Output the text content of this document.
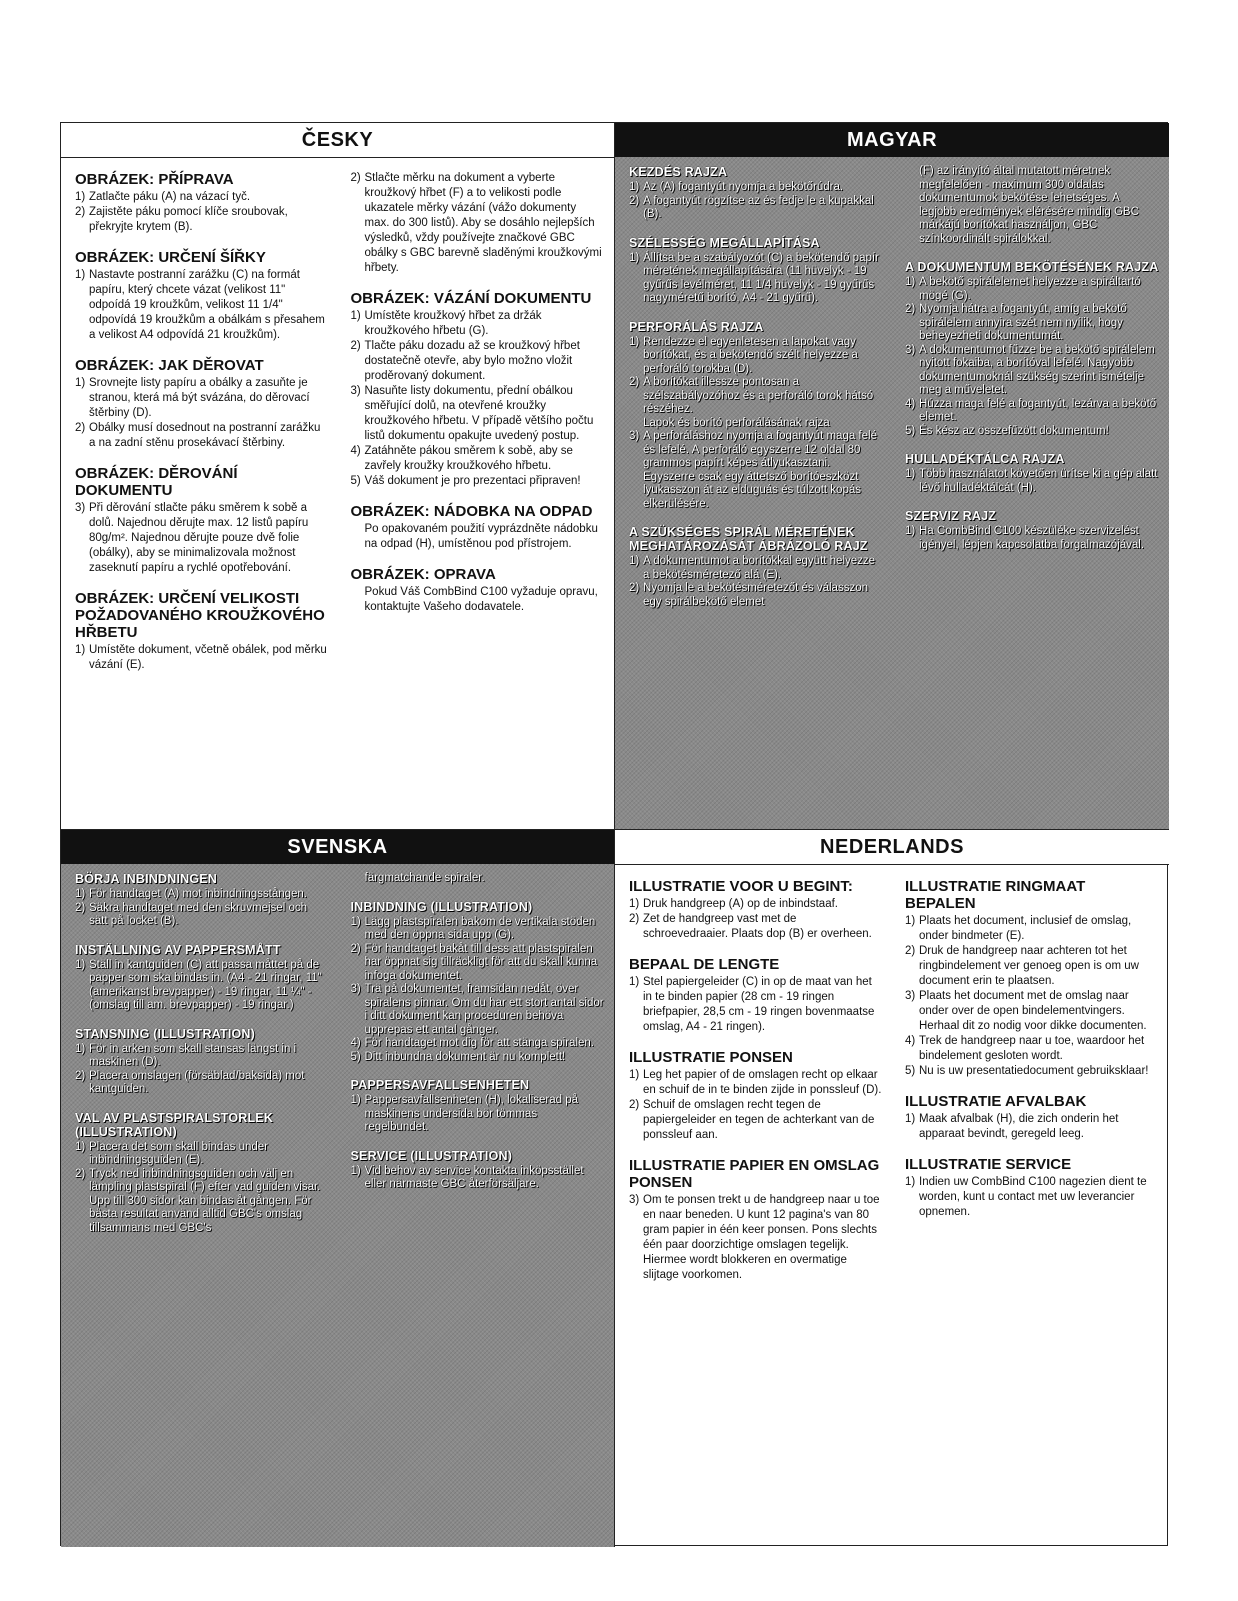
ČESKY
OBRÁZEK: PŘÍPRAVA
1) Zatlačte páku (A) na vázací tyč.
2) Zajistěte páku pomocí klíče sroubovak, překryjte krytem (B).
OBRÁZEK: URČENÍ ŠÍŘKY
1) Nastavte postranní zarážku (C) na formát papíru, který chcete vázat (velikost 11" odpoídá 19 kroužkům, velikost 11 1/4" odpovídá 19 kroužkům a obálkám s přesahem a velikost A4 odpovídá 21 kroužkům).
OBRÁZEK: JAK DĚROVAT
1) Srovnejte listy papíru a obálky a zasuňte je stranou, která má být svázána, do děrovací štěrbiny (D).
2) Obálky musí dosednout na postranní zarážku a na zadní stěnu prosekávací štěrbiny.
OBRÁZEK: DĚROVÁNÍ DOKUMENTU
3) Při děrování stlačte páku směrem k sobě a dolů. Najednou děrujte max. 12 listů papíru 80g/m². Najednou děrujte pouze dvě folie (obálky), aby se minimalizovala možnost zaseknutí papíru a rychlé opotřebování.
OBRÁZEK: URČENÍ VELIKOSTI POŽADOVANÉHO KROUŽKOVÉHO HŘBETU
1) Umístěte dokument, včetně obálek, pod měrku vázání (E).
2) Stlačte měrku na dokument a vyberte kroužkový hřbet (F) a to velikosti podle ukazatele měrky vázání (vážo dokumenty max. do 300 listů). Aby se dosáhlo nejlepších výsledků, vždy používejte značkové GBC obálky s GBC barevně sladěnými kroužkovými hřbety.
OBRÁZEK: VÁZÁNÍ DOKUMENTU
1) Umístěte kroužkový hřbet za držák kroužkového hřbetu (G).
2) Tlačte páku dozadu až se kroužkový hřbet dostatečně otevře, aby bylo možno vložit proděrovaný dokument.
3) Nasuňte listy dokumentu, přední obálkou směřující dolů, na otevřené kroužky kroužkového hřbetu. V případě většího počtu listů dokumentu opakujte uvedený postup.
4) Zatáhněte pákou směrem k sobě, aby se zavřely kroužky kroužkového hřbetu.
5) Váš dokument je pro prezentaci připraven!
OBRÁZEK: NÁDOBKA NA ODPAD

Po opakovaném použití vyprázdněte nádobku na odpad (H), umístěnou pod přístrojem.

OBRÁZEK: OPRAVA

Pokud Váš CombBind C100 vyžaduje opravu, kontaktujte Vašeho dodavatele.

MAGYAR
KEZDÉS RAJZA
1) Az (A) fogantyút nyomja a bekötőrúdra.
2) A fogantyút rögzítse az és fedje le a kupakkal (B).
SZÉLESSÉG MEGÁLLAPÍTÁSA
1) Állítsa be a szabályozót (C) a bekötendő papír méretének megállapítására (11 hüvelyk - 19 gyűrűs levélméret, 11 1/4 hüvelyk - 19 gyűrűs nagyméretű borító, A4 - 21 gyűrű).
PERFORÁLÁS RAJZA
1) Rendezze el egyenletesen a lapokat vagy borítókat, és a bekötendő szélt helyezze a perforáló torokba (D).
2) A borítókat illessze pontosan a szélszabályozóhoz és a perforáló torok hátsó részéhez.
Lapok és borító perforálásának rajza
3) A perforáláshoz nyomja a fogantyút maga felé és lefelé. A perforáló egyszerre 12 oldal 80 grammos papírt képes átlyukasztani. Egyszerre csak egy áttetsző borítóeszközt lyukasszon át az elduguás és túlzott kopás elkerülésére.
A SZÜKSÉGES SPIRÁL MÉRETÉNEK MEGHATÁROZÁSÁT ÁBRÁZOLÓ RAJZ
1) A dokumentumot a borítókkal együtt helyezze a bekötésméretező alá (E).
2) Nyomja le a bekötésméretezőt és válasszon egy spirálbekötő elemet
(F) az irányító által mutatott méretnek megfelelően - maximum 300 oldalas dokumentumok bekötése lehetséges. A legjobb eredmények elérésére mindig GBC márkájú borítókat használjon, GBC színkoordinált spirálokkal.
A DOKUMENTUM BEKÖTÉSÉNEK RAJZA
1) A bekötő spirálelemet helyezze a spiráltartó mögé (G).
2) Nyomja hátra a fogantyút, amíg a bekötő spirálelem annyira szét nem nyílik, hogy beheyezheti dokumentumát.
3) A dokumentumot fűzze be a bekötő spirálelem nyitott fokaiba, a borítóval lefelé. Nagyobb dokumentumoknál szükség szerint ismételje meg a műveletet.
4) Húzza maga felé a fogantyút, lezárva a bekötő elemet.
5) És kész az összefűzött dokumentum!
HULLADÉKTÁLCA RAJZA
1) Több használatot követően ürítse ki a gép alatt lévő hulladéktálcát (H).
SZERVIZ RAJZ
1) Ha CombBind C100 készüléke szervizelést igényel, lépjen kapcsolatba forgalmazójával.
SVENSKA
BÖRJA INBINDNINGEN
1) För handtaget (A) mot inbindningsstången.
2) Säkra handtaget med den skruvmejsel och sätt på locket (B).
INSTÄLLNING AV PAPPERSMÅTT
1) Ställ in kantguiden (C) att passa måttet på de papper som ska bindas in. (A4 - 21 ringar, 11" (amerikanst brevpapper) - 19 ringar, 11 ¼" - (omslag till am. brevpapper) - 19 ringar.)
STANSNING (ILLUSTRATION)
1) För in arken som skall stansas längst in i maskinen (D).
2) Placera omslagen (försäblad/baksida) mot kantguiden.
VAL AV PLASTSPIRALSTORLEK (ILLUSTRATION)
1) Placera det som skall bindas under inbindningsguiden (E).
2) Tryck ned inbindningsguiden och välj en lämpling plastspiral (F) efter vad guiden visar. Upp till 300 sidor kan bindas åt gången. För bästa resultat använd alltid GBC's omslag tillsammans med GBC's
färgmatchande spiraler.
INBINDNING (ILLUSTRATION)
1) Lägg plastspiralen bakom de vertikala stöden med den öppna sida upp (G).
2) För handtaget bakåt till dess att plastspiralen har öppnat sig tillräckligt för att du skall kunna infoga dokumentet.
3) Trä på dokumentet, framsidan nedåt, över spiralens pinnar. Om du har ett stort antal sidor i ditt dokument kan proceduren behöva upprepas ett antal gånger.
4) För handtaget mot dig för att stänga spiralen.
5) Ditt inbundna dokument är nu komplett!
PAPPERSAVFALLSENHETEN
1) Pappersavfallsenheten (H), lokaliserad på maskinens undersida bör tömmas regelbundet.
SERVICE (ILLUSTRATION)
1) Vid behov av service kontakta inköpsstället eller närmaste GBC återförsäljare.
NEDERLANDS
ILLUSTRATIE VOOR U BEGINT:
1) Druk handgreep (A) op de inbindstaaf.
2) Zet de handgreep vast met de schroevedraaier. Plaats dop (B) er overheen.
BEPAAL DE LENGTE
1) Stel papiergeleider (C) in op de maat van het in te binden papier (28 cm - 19 ringen briefpapier, 28,5 cm - 19 ringen bovenmaatse omslag, A4 - 21 ringen).
ILLUSTRATIE PONSEN
1) Leg het papier of de omslagen recht op elkaar en schuif de in te binden zijde in ponssleuf (D).
2) Schuif de omslagen recht tegen de papiergeleider en tegen de achterkant van de ponssleuf aan.
ILLUSTRATIE PAPIER EN OMSLAG PONSEN
3) Om te ponsen trekt u de handgreep naar u toe en naar beneden. U kunt 12 pagina's van 80 gram papier in één keer ponsen. Pons slechts één paar doorzichtige omslagen tegelijk. Hiermee wordt blokkeren en overmatige slijtage voorkomen.
ILLUSTRATIE RINGMAAT BEPALEN
1) Plaats het document, inclusief de omslag, onder bindmeter (E).
2) Druk de handgreep naar achteren tot het ringbindelement ver genoeg open is om uw document erin te plaatsen.
3) Plaats het document met de omslag naar onder over de open bindelementvingers. Herhaal dit zo nodig voor dikke documenten.
4) Trek de handgreep naar u toe, waardoor het bindelement gesloten wordt.
5) Nu is uw presentatiedocument gebruiksklaar!
ILLUSTRATIE AFVALBAK
1) Maak afvalbak (H), die zich onderin het apparaat bevindt, geregeld leeg.
ILLUSTRATIE SERVICE
1) Indien uw CombBind C100 nagezien dient te worden, kunt u contact met uw leverancier opnemen.
